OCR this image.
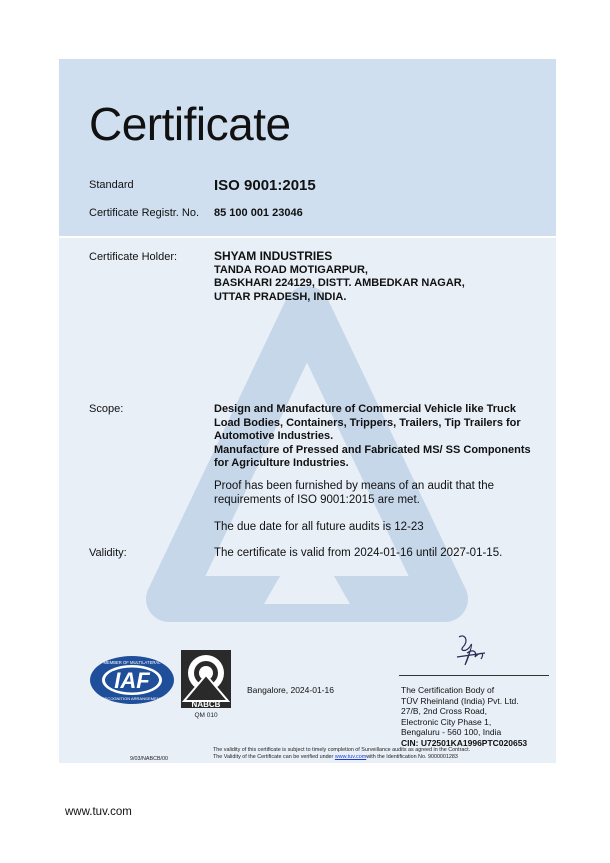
Certificate
Standard	ISO 9001:2015
Certificate Registr. No. 85 100 001 23046
Certificate Holder:	SHYAM INDUSTRIES
TANDA ROAD MOTIGARPUR,
BASKHARI 224129, DISTT. AMBEDKAR NAGAR,
UTTAR PRADESH, INDIA.
Scope:	Design and Manufacture of Commercial Vehicle like Truck
Load Bodies, Containers, Trippers, Trailers, Tip Trailers for
Automotive Industries.
Manufacture of Pressed and Fabricated MS/ SS Components
for Agriculture Industries.
Proof has been furnished by means of an audit that the
requirements of ISO 9001:2015 are met.
The due date for all future audits is 12-23
Validity:	The certificate is valid from 2024-01-16 until 2027-01-15.
IAF
MEMBER OF MULTILATERAL
RECOGNITION ARRANGEMENT
NABCB
QM 010
Bangalore, 2024-01-16	The Certification Body of
TÜV Rheinland (India) Pvt. Ltd.
27/B, 2nd Cross Road,
Electronic City Phase 1,
Bengaluru - 560 100, India
CIN: U72501KA1996PTC020653
9/03/NABCB/00
The validity of this certificate is subject to timely completion of Surveillance audits as agreed in the Contract.
The Validity of the Certificate can be verified under www.tuv.comwith the Identification No. 9000001283
www.tuv.com
